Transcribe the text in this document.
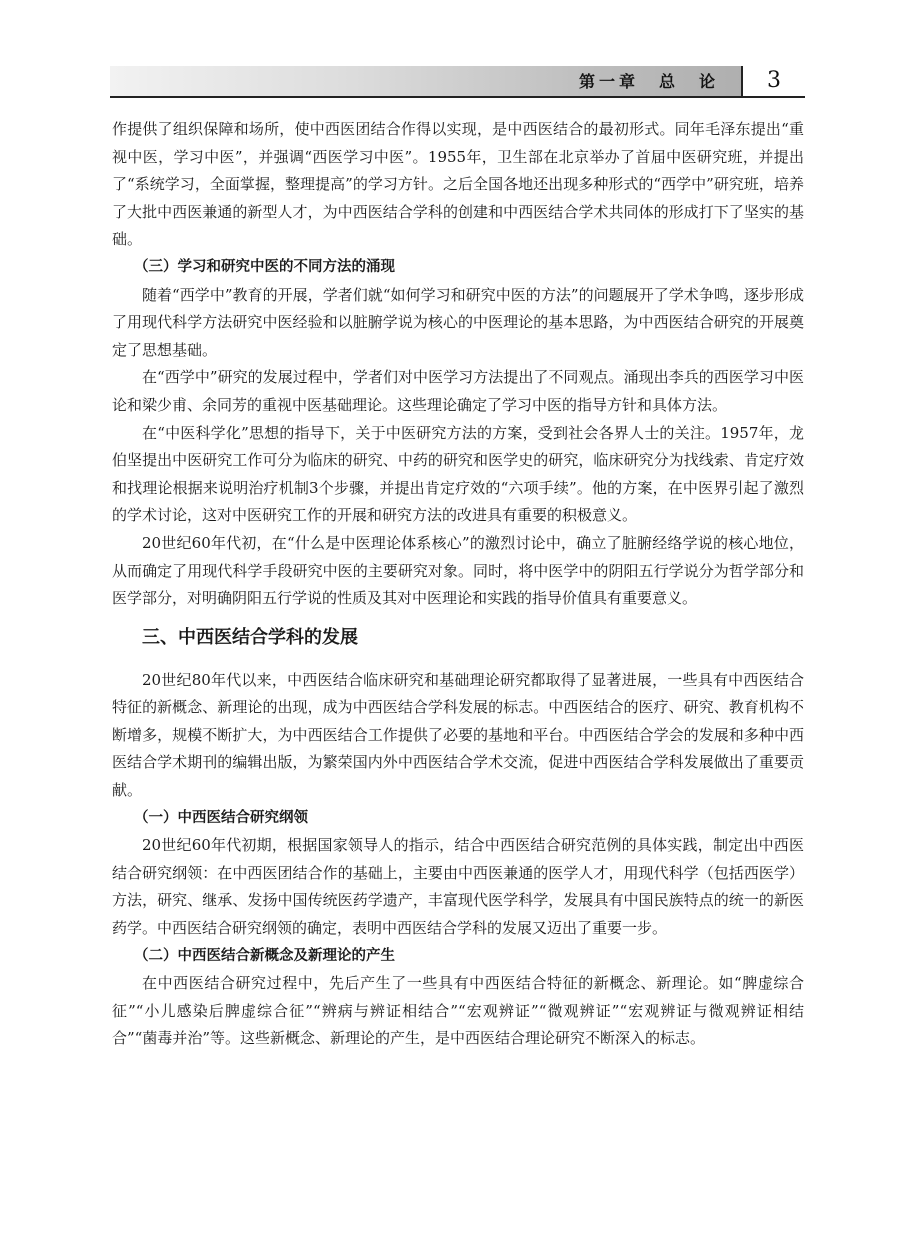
第一章　总　论	3

作提供了组织保障和场所，使中西医团结合作得以实现，是中西医结合的最初形式。同年毛泽东提出“重视中医，学习中医”，并强调“西医学习中医”。1955年，卫生部在北京举办了首届中医研究班，并提出了“系统学习，全面掌握，整理提高”的学习方针。之后全国各地还出现多种形式的“西学中”研究班，培养了大批中西医兼通的新型人才，为中西医结合学科的创建和中西医结合学术共同体的形成打下了坚实的基础。

（三）学习和研究中医的不同方法的涌现

随着“西学中”教育的开展，学者们就“如何学习和研究中医的方法”的问题展开了学术争鸣，逐步形成了用现代科学方法研究中医经验和以脏腑学说为核心的中医理论的基本思路，为中西医结合研究的开展奠定了思想基础。

在“西学中”研究的发展过程中，学者们对中医学习方法提出了不同观点。涌现出李兵的西医学习中医论和梁少甫、余同芳的重视中医基础理论。这些理论确定了学习中医的指导方针和具体方法。

在“中医科学化”思想的指导下，关于中医研究方法的方案，受到社会各界人士的关注。1957年，龙伯坚提出中医研究工作可分为临床的研究、中药的研究和医学史的研究，临床研究分为找线索、肯定疗效和找理论根据来说明治疗机制3个步骤，并提出肯定疗效的“六项手续”。他的方案，在中医界引起了激烈的学术讨论，这对中医研究工作的开展和研究方法的改进具有重要的积极意义。

20世纪60年代初，在“什么是中医理论体系核心”的激烈讨论中，确立了脏腑经络学说的核心地位，从而确定了用现代科学手段研究中医的主要研究对象。同时，将中医学中的阴阳五行学说分为哲学部分和医学部分，对明确阴阳五行学说的性质及其对中医理论和实践的指导价值具有重要意义。

三、中西医结合学科的发展

20世纪80年代以来，中西医结合临床研究和基础理论研究都取得了显著进展，一些具有中西医结合特征的新概念、新理论的出现，成为中西医结合学科发展的标志。中西医结合的医疗、研究、教育机构不断增多，规模不断扩大，为中西医结合工作提供了必要的基地和平台。中西医结合学会的发展和多种中西医结合学术期刊的编辑出版，为繁荣国内外中西医结合学术交流，促进中西医结合学科发展做出了重要贡献。

（一）中西医结合研究纲领

20世纪60年代初期，根据国家领导人的指示，结合中西医结合研究范例的具体实践，制定出中西医结合研究纲领：在中西医团结合作的基础上，主要由中西医兼通的医学人才，用现代科学（包括西医学）方法，研究、继承、发扬中国传统医药学遗产，丰富现代医学科学，发展具有中国民族特点的统一的新医药学。中西医结合研究纲领的确定，表明中西医结合学科的发展又迈出了重要一步。

（二）中西医结合新概念及新理论的产生

在中西医结合研究过程中，先后产生了一些具有中西医结合特征的新概念、新理论。如“脾虚综合征”“小儿感染后脾虚综合征”“辨病与辨证相结合”“宏观辨证”“微观辨证”“宏观辨证与微观辨证相结合”“菌毒并治”等。这些新概念、新理论的产生，是中西医结合理论研究不断深入的标志。
